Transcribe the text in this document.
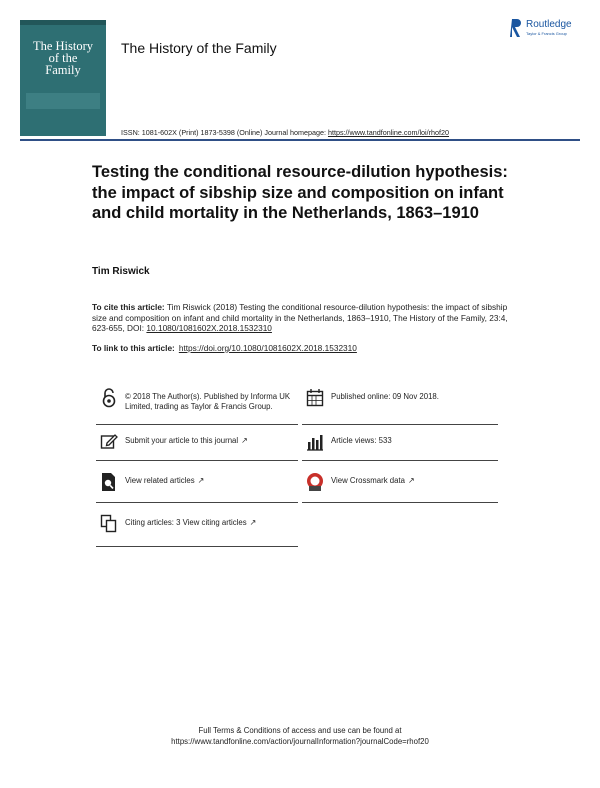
The History
of the
Family
The History of the Family
Routledge
Taylor & Francis Group
ISSN: 1081-602X (Print) 1873-5398 (Online) Journal homepage: https://www.tandfonline.com/loi/rhof20
Testing the conditional resource-dilution hypothesis: the impact of sibship size and composition on infant and child mortality in the Netherlands, 1863–1910
Tim Riswick
To cite this article: Tim Riswick (2018) Testing the conditional resource-dilution hypothesis: the impact of sibship size and composition on infant and child mortality in the Netherlands, 1863–1910, The History of the Family, 23:4, 623-655, DOI: 10.1080/1081602X.2018.1532310
To link to this article: https://doi.org/10.1080/1081602X.2018.1532310
© 2018 The Author(s). Published by Informa UK Limited, trading as Taylor & Francis Group.
Published online: 09 Nov 2018.
Submit your article to this journal ↗	Article views: 533
View related articles ↗	View Crossmark data ↗
Citing articles: 3 View citing articles ↗
Full Terms & Conditions of access and use can be found at
https://www.tandfonline.com/action/journalInformation?journalCode=rhof20
